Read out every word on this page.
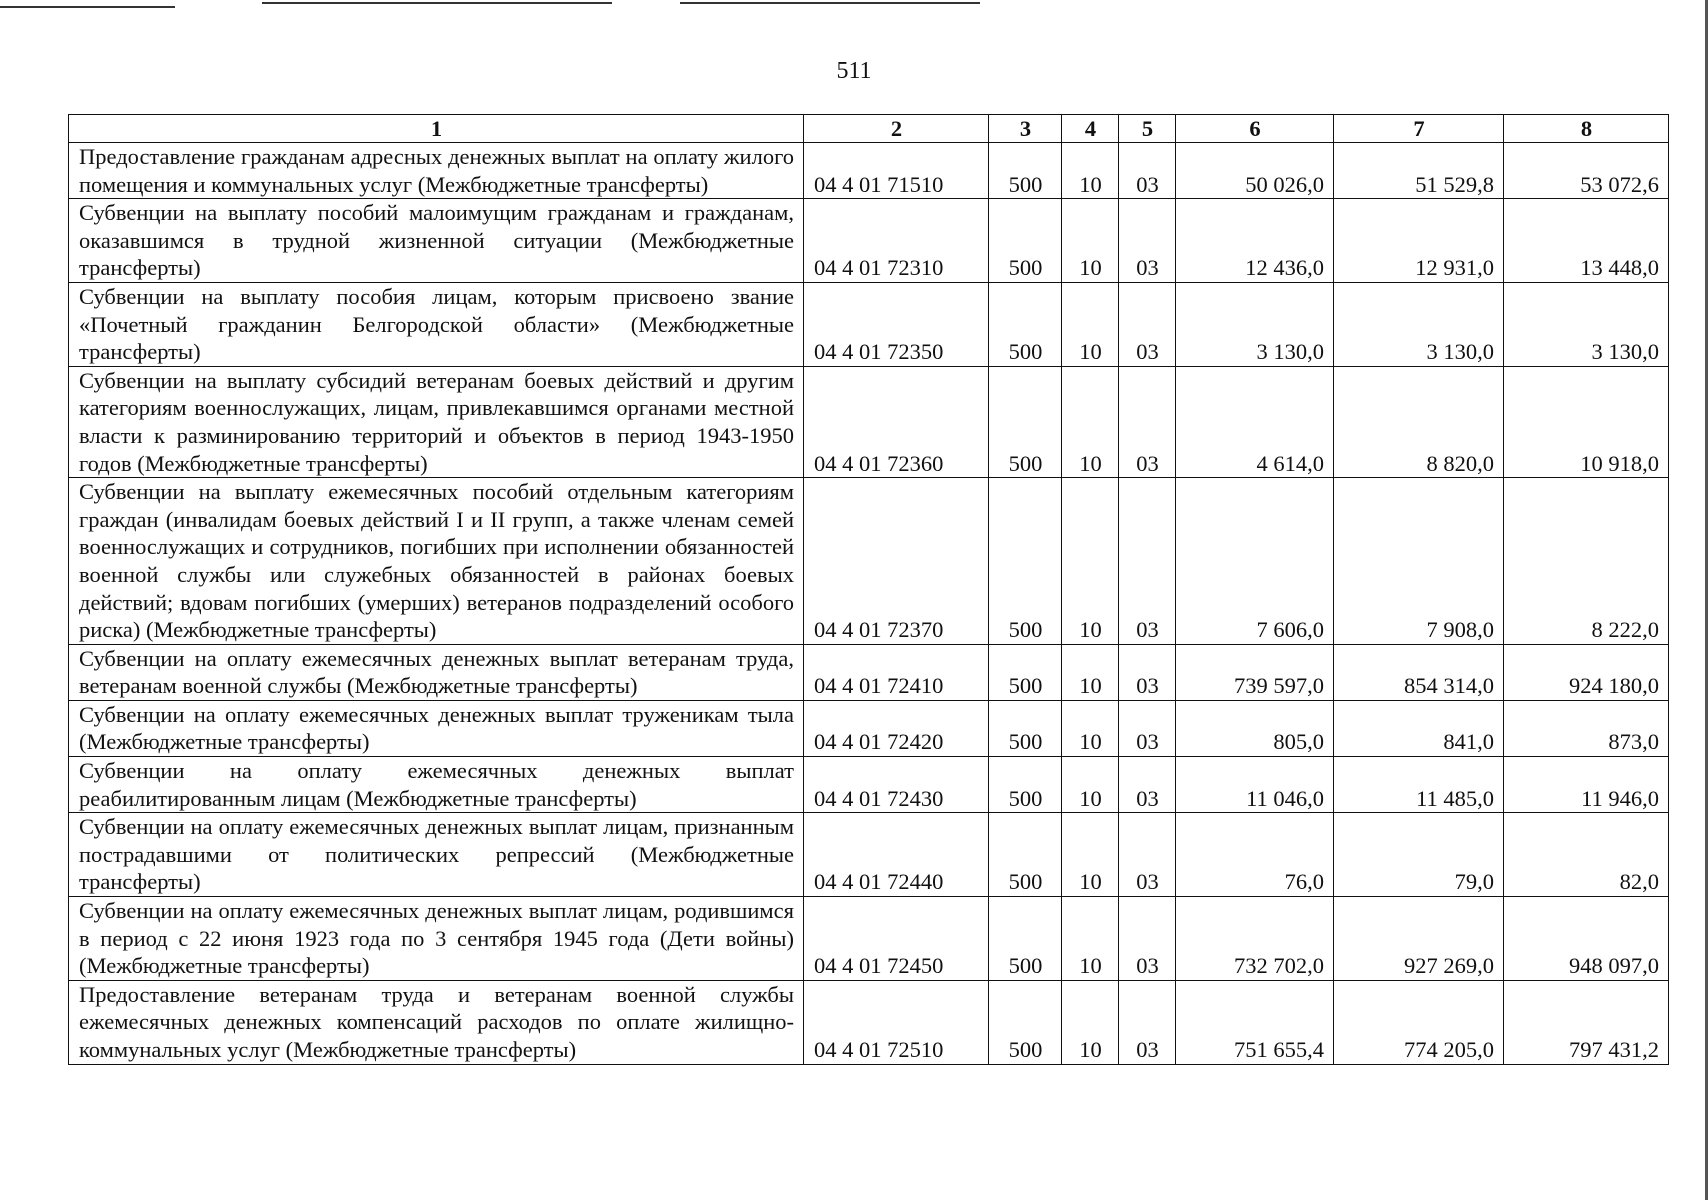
511
1	2	3	4	5	6	7	8
Предоставление гражданам адресных денежных выплат на оплату жилого помещения и коммунальных услуг (Межбюджетные трансферты)	04 4 01 71510	500	10	03	50 026,0	51 529,8	53 072,6
Субвенции на выплату пособий малоимущим гражданам и гражданам, оказавшимся в трудной жизненной ситуации (Межбюджетные трансферты)	04 4 01 72310	500	10	03	12 436,0	12 931,0	13 448,0
Субвенции на выплату пособия лицам, которым присвоено звание «Почетный гражданин Белгородской области» (Межбюджетные трансферты)	04 4 01 72350	500	10	03	3 130,0	3 130,0	3 130,0
Субвенции на выплату субсидий ветеранам боевых действий и другим категориям военнослужащих, лицам, привлекавшимся органами местной власти к разминированию территорий и объектов в период 1943-1950 годов (Межбюджетные трансферты)	04 4 01 72360	500	10	03	4 614,0	8 820,0	10 918,0
Субвенции на выплату ежемесячных пособий отдельным категориям граждан (инвалидам боевых действий I и II групп, а также членам семей военнослужащих и сотрудников, погибших при исполнении обязанностей военной службы или служебных обязанностей в районах боевых действий; вдовам погибших (умерших) ветеранов подразделений особого риска) (Межбюджетные трансферты)	04 4 01 72370	500	10	03	7 606,0	7 908,0	8 222,0
Субвенции на оплату ежемесячных денежных выплат ветеранам труда, ветеранам военной службы (Межбюджетные трансферты)	04 4 01 72410	500	10	03	739 597,0	854 314,0	924 180,0
Субвенции на оплату ежемесячных денежных выплат труженикам тыла (Межбюджетные трансферты)	04 4 01 72420	500	10	03	805,0	841,0	873,0
Субвенции на оплату ежемесячных денежных выплат реабилитированным лицам (Межбюджетные трансферты)	04 4 01 72430	500	10	03	11 046,0	11 485,0	11 946,0
Субвенции на оплату ежемесячных денежных выплат лицам, признанным пострадавшими от политических репрессий (Межбюджетные трансферты)	04 4 01 72440	500	10	03	76,0	79,0	82,0
Субвенции на оплату ежемесячных денежных выплат лицам, родившимся в период с 22 июня 1923 года по 3 сентября 1945 года (Дети войны) (Межбюджетные трансферты)	04 4 01 72450	500	10	03	732 702,0	927 269,0	948 097,0
Предоставление ветеранам труда и ветеранам военной службы ежемесячных денежных компенсаций расходов по оплате жилищно-коммунальных услуг (Межбюджетные трансферты)	04 4 01 72510	500	10	03	751 655,4	774 205,0	797 431,2
